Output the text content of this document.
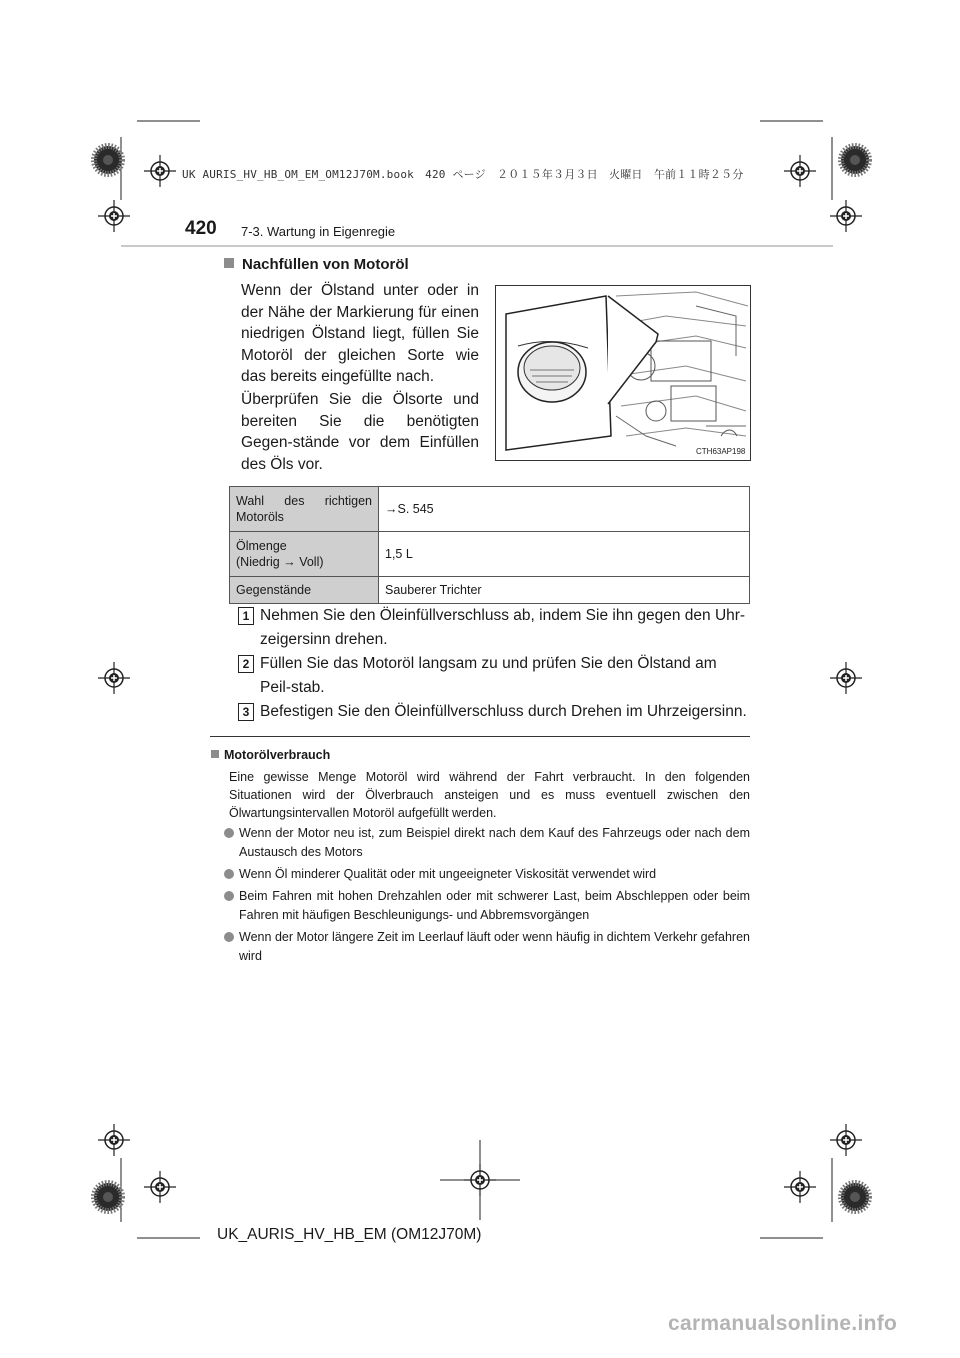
UK AURIS_HV_HB_OM_EM_OM12J70M.book　420 ページ　２０１５年３月３日　火曜日　午前１１時２５分
420 7-3. Wartung in Eigenregie
Nachfüllen von Motoröl
Wenn der Ölstand unter oder in der Nähe der Markierung für einen niedrigen Ölstand liegt, füllen Sie Motoröl der gleichen Sorte wie das bereits eingefüllte nach.
Überprüfen Sie die Ölsorte und bereiten Sie die benötigten Gegen-stände vor dem Einfüllen des Öls vor.
CTH63AP198
Wahl des richtigen
Motoröls	→S. 545

Ölmenge
(Niedrig → Voll)	1,5 L

Gegenstände	Sauberer Trichter
1 Nehmen Sie den Öleinfüllverschluss ab, indem Sie ihn gegen den Uhr-zeigersinn drehen.
2 Füllen Sie das Motoröl langsam zu und prüfen Sie den Ölstand am Peil-stab.
3 Befestigen Sie den Öleinfüllverschluss durch Drehen im Uhrzeigersinn.
Motorölverbrauch
Eine gewisse Menge Motoröl wird während der Fahrt verbraucht. In den folgenden Situationen wird der Ölverbrauch ansteigen und es muss eventuell zwischen den Ölwartungsintervallen Motoröl aufgefüllt werden.
Wenn der Motor neu ist, zum Beispiel direkt nach dem Kauf des Fahrzeugs oder nach dem Austausch des Motors
Wenn Öl minderer Qualität oder mit ungeeigneter Viskosität verwendet wird
Beim Fahren mit hohen Drehzahlen oder mit schwerer Last, beim Abschleppen oder beim Fahren mit häufigen Beschleunigungs- und Abbremsvorgängen
Wenn der Motor längere Zeit im Leerlauf läuft oder wenn häufig in dichtem Verkehr gefahren wird
UK_AURIS_HV_HB_EM (OM12J70M)
carmanualsonline.info
